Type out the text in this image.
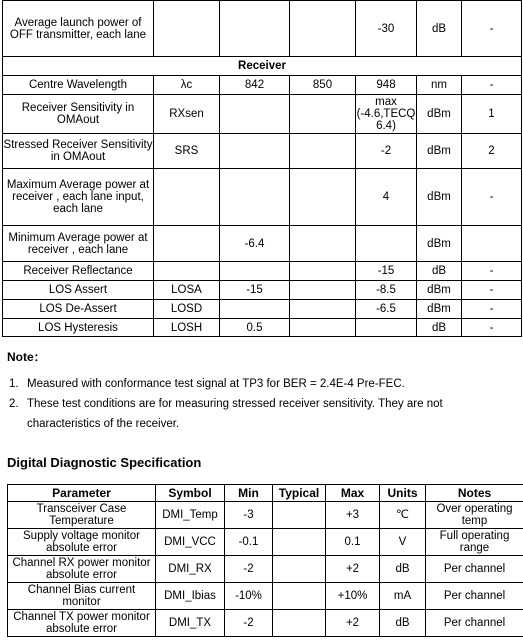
Average launch power of OFF transmitter, each lane				-30	dB	-
Receiver						
Centre Wavelength	λc	842	850	948	nm	-
Receiver Sensitivity in OMAout	RXsen			max (-4.6,TECQ 6.4)	dBm	1
Stressed Receiver Sensitivity in OMAout	SRS			-2	dBm	2
Maximum Average power at receiver , each lane input, each lane				4	dBm	-
Minimum Average power at receiver , each lane		-6.4			dBm	
Receiver Reflectance				-15	dB	-
LOS Assert	LOSA	-15		-8.5	dBm	-
LOS De-Assert	LOSD			-6.5	dBm	-
LOS Hysteresis	LOSH	0.5			dB	-
Note：
1. Measured with conformance test signal at TP3 for BER = 2.4E-4 Pre-FEC.
2. These test conditions are for measuring stressed receiver sensitivity. They are not characteristics of the receiver.
Digital Diagnostic Specification
Parameter	Symbol	Min	Typical	Max	Units	Notes
Transceiver Case Temperature	DMI_Temp	-3		+3	℃	Over operating temp
Supply voltage monitor absolute error	DMI_VCC	-0.1		0.1	V	Full operating range
Channel RX power monitor absolute error	DMI_RX	-2		+2	dB	Per channel
Channel Bias current monitor	DMI_Ibias	-10%		+10%	mA	Per channel
Channel TX power monitor absolute error	DMI_TX	-2		+2	dB	Per channel
